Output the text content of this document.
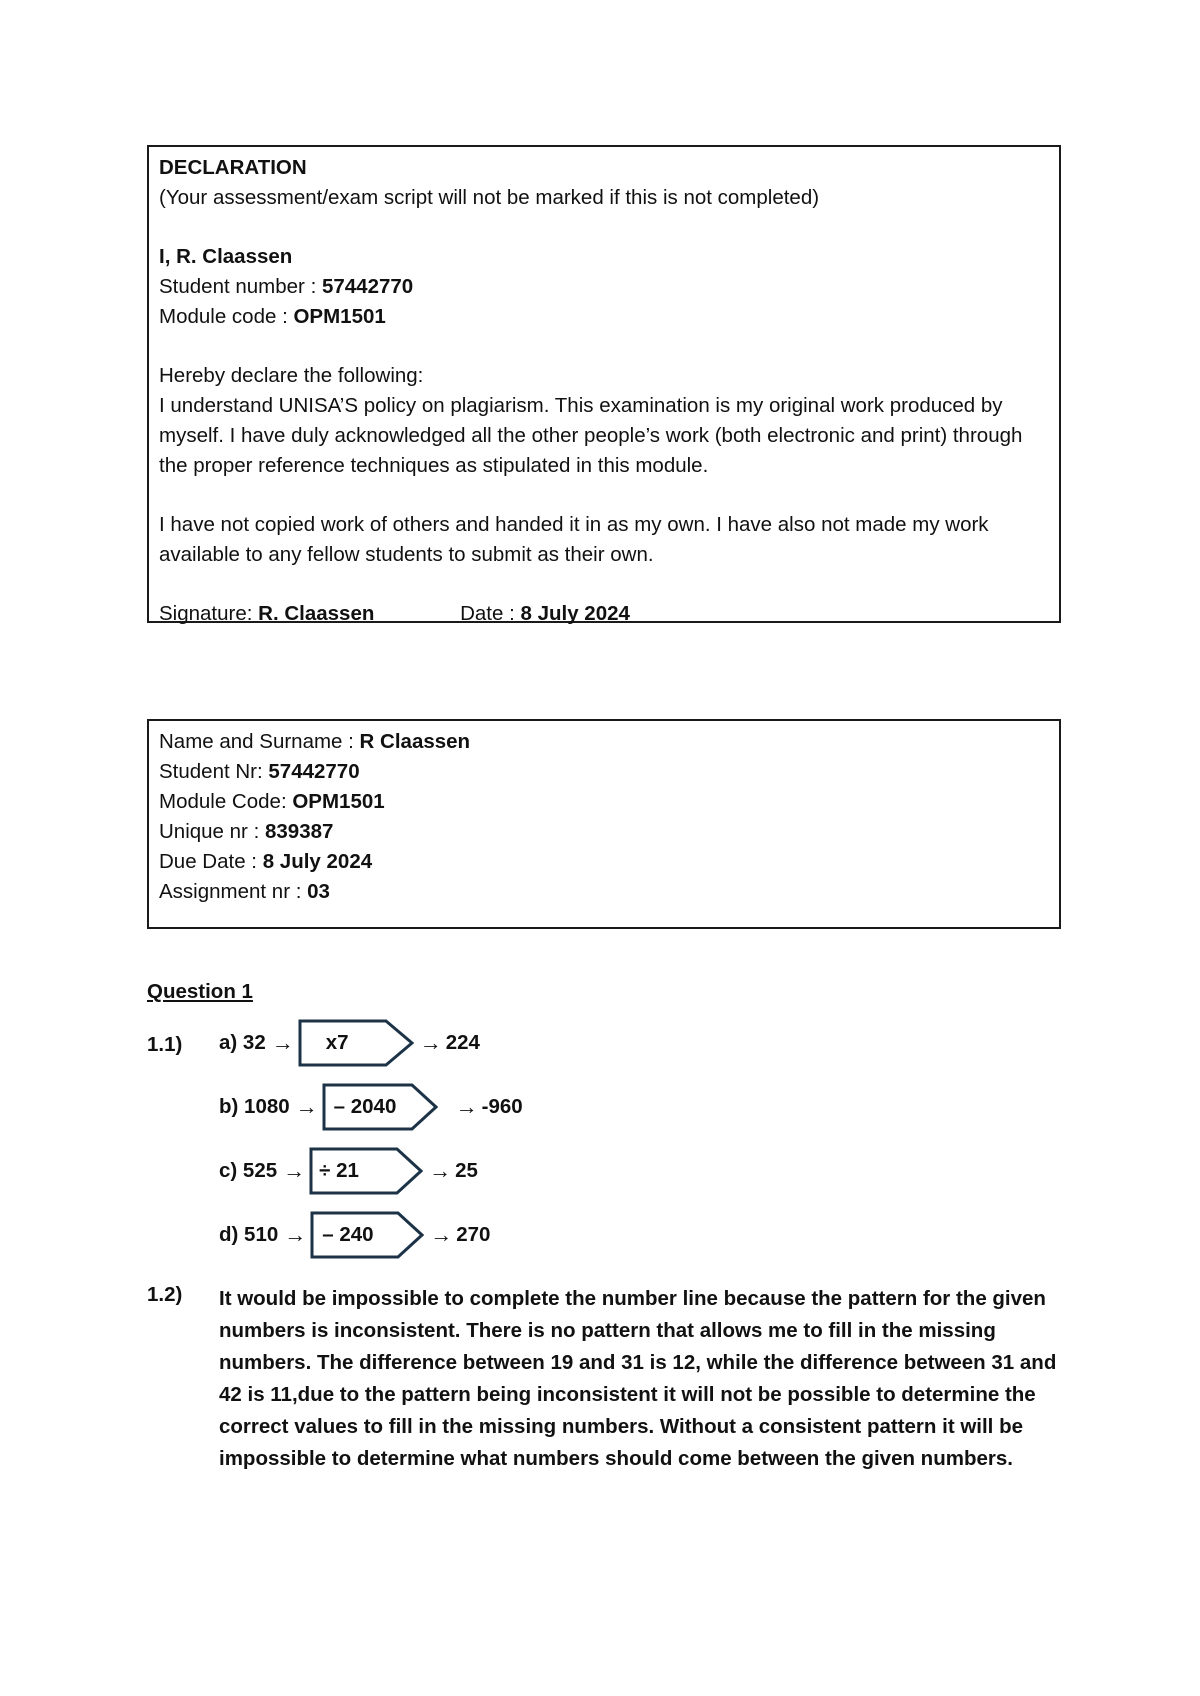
DECLARATION
(Your assessment/exam script will not be marked if this is not completed)
I, R. Claassen
Student number : 57442770
Module code : OPM1501
Hereby declare the following:
I understand UNISA’S policy on plagiarism. This examination is my original work produced by myself. I have duly acknowledged all the other people’s work (both electronic and print) through the proper reference techniques as stipulated in this module.
I have not copied work of others and handed it in as my own. I have also not made my work available to any fellow students to submit as their own.
Signature: R. Claassen	Date : 8 July 2024
Name and Surname : R Claassen
Student Nr: 57442770
Module Code: OPM1501
Unique nr : 839387
Due Date : 8 July 2024
Assignment nr : 03
Question 1
1.1) a) 32 → x7	→ 224
b) 1080 → – 2040	→ -960
c) 525 → ÷ 21	→ 25
d) 510 → – 240	→ 270
1.2) It would be impossible to complete the number line because the pattern for the given numbers is inconsistent. There is no pattern that allows me to fill in the missing numbers. The difference between 19 and 31 is 12, while the difference between 31 and 42 is 11,due to the pattern being inconsistent it will not be possible to determine the correct values to fill in the missing numbers. Without a consistent pattern it will be impossible to determine what numbers should come between the given numbers.
